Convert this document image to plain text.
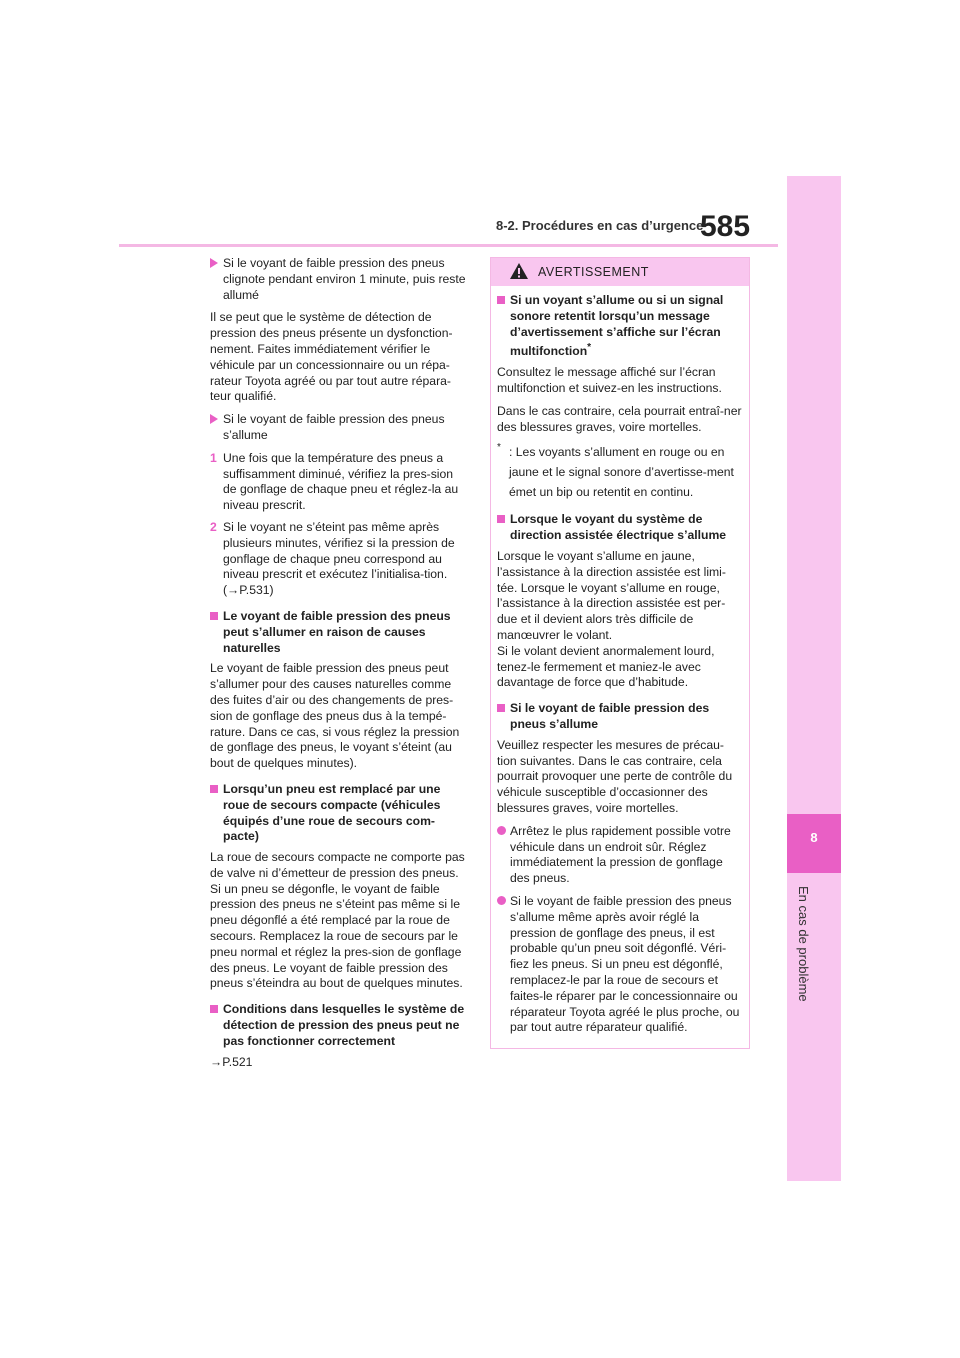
8
En cas de problème
8-2. Procédures en cas d’urgence
585
Si le voyant de faible pression des pneus clignote pendant environ 1 minute, puis reste allumé

Il se peut que le système de détection de pression des pneus présente un dysfonction-nement. Faites immédiatement vérifier le véhicule par un concessionnaire ou un répa-rateur Toyota agréé ou par tout autre répara-teur qualifié.

Si le voyant de faible pression des pneus s’allume
1 Une fois que la température des pneus a suffisamment diminué, vérifiez la pres-sion de gonflage de chaque pneu et réglez-la au niveau prescrit.
2 Si le voyant ne s’éteint pas même après plusieurs minutes, vérifiez si la pression de gonflage de chaque pneu correspond au niveau prescrit et exécutez l’initialisa-tion. (→P.531)
Le voyant de faible pression des pneus peut s’allumer en raison de causes naturelles

Le voyant de faible pression des pneus peut s’allumer pour des causes naturelles comme des fuites d’air ou des changements de pres-sion de gonflage des pneus dus à la tempé-rature. Dans ce cas, si vous réglez la pression de gonflage des pneus, le voyant s’éteint (au bout de quelques minutes).

Lorsqu’un pneu est remplacé par une roue de secours compacte (véhicules équipés d’une roue de secours com-pacte)

La roue de secours compacte ne comporte pas de valve ni d’émetteur de pression des pneus. Si un pneu se dégonfle, le voyant de faible pression des pneus ne s’éteint pas même si le pneu dégonflé a été remplacé par la roue de secours. Remplacez la roue de secours par le pneu normal et réglez la pres-sion de gonflage des pneus. Le voyant de faible pression des pneus s’éteindra au bout de quelques minutes.

Conditions dans lesquelles le système de détection de pression des pneus peut ne pas fonctionner correctement

→P.521

AVERTISSEMENT
Si un voyant s’allume ou si un signal sonore retentit lorsqu’un message d’avertissement s’affiche sur l’écran multifonction*

Consultez le message affiché sur l’écran multifonction et suivez-en les instructions.

Dans le cas contraire, cela pourrait entraî-ner des blessures graves, voire mortelles.

* : Les voyants s’allument en rouge ou en jaune et le signal sonore d’avertisse-ment émet un bip ou retentit en continu.

Lorsque le voyant du système de direction assistée électrique s’allume

Lorsque le voyant s’allume en jaune, l’assistance à la direction assistée est limi-tée. Lorsque le voyant s’allume en rouge, l’assistance à la direction assistée est per-due et il devient alors très difficile de manœuvrer le volant.

Si le volant devient anormalement lourd, tenez-le fermement et maniez-le avec davantage de force que d’habitude.

Si le voyant de faible pression des pneus s’allume

Veuillez respecter les mesures de précau-tion suivantes. Dans le cas contraire, cela pourrait provoquer une perte de contrôle du véhicule susceptible d’occasionner des blessures graves, voire mortelles.

Arrêtez le plus rapidement possible votre véhicule dans un endroit sûr. Réglez immédiatement la pression de gonflage des pneus.
Si le voyant de faible pression des pneus s’allume même après avoir réglé la pression de gonflage des pneus, il est probable qu’un pneu soit dégonflé. Véri-fiez les pneus. Si un pneu est dégonflé, remplacez-le par la roue de secours et faites-le réparer par le concessionnaire ou réparateur Toyota agréé le plus proche, ou par tout autre réparateur qualifié.
